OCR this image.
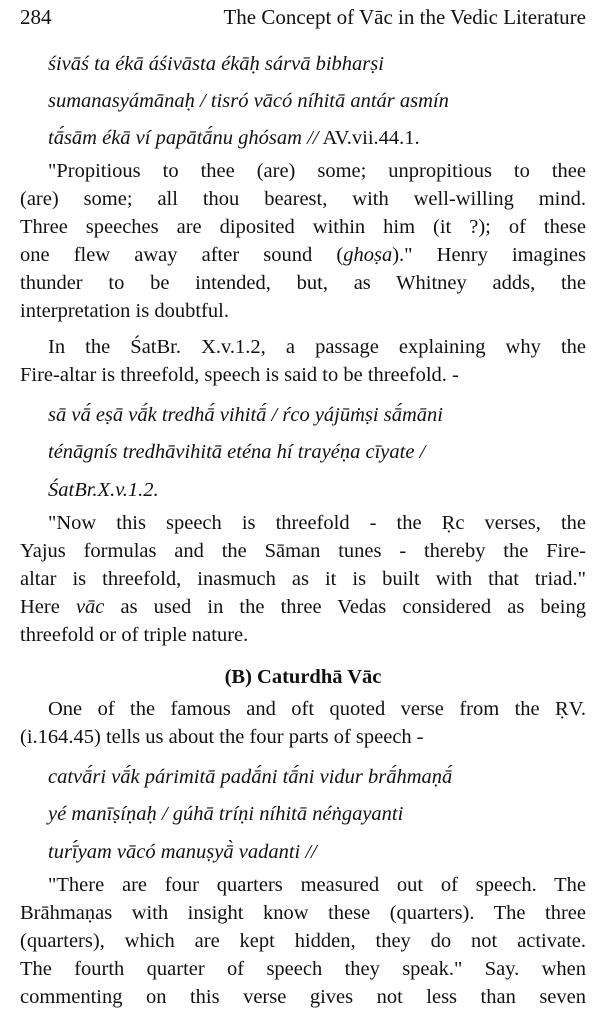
284	The Concept of Vāc in the Vedic Literature
śivāś ta ékā áśivāsta ékāḥ sárvā bibharṣi
sumanasyámānaḥ / tisró vācó níhitā antár asmín
tā́sām ékā ví papātā́nu ghósam // AV.vii.44.1.
"Propitious to thee (are) some; unpropitious to thee
(are) some; all thou bearest, with well-willing mind.
Three speeches are diposited within him (it ?); of these
one flew away after sound (ghoṣa)." Henry imagines
thunder to be intended, but, as Whitney adds, the
interpretation is doubtful.
In the ŚatBr. X.v.1.2, a passage explaining why the
Fire-altar is threefold, speech is said to be threefold. -
sā vā́ eṣā vā́k tredhā́ vihitā́ / ŕco yájūṁṣi sā́māni
ténāgnís tredhāvihitā eténa hí trayéṇa cīyate /
ŚatBr.X.v.1.2.
"Now this speech is threefold - the Ṛc verses, the
Yajus formulas and the Sāman tunes - thereby the Fire-
altar is threefold, inasmuch as it is built with that triad."
Here vāc as used in the three Vedas considered as being
threefold or of triple nature.
(B) Caturdhā Vāc
One of the famous and oft quoted verse from the ṚV.
(i.164.45) tells us about the four parts of speech -
catvā́ri vā́k párimitā padā́ni tā́ni vidur brā́hmaṇā́
yé manīṣíṇaḥ / gúhā tríṇi níhitā néṅgayanti
turī́yam vācó manuṣyā̀ vadanti //
"There are four quarters measured out of speech. The
Brāhmaṇas with insight know these (quarters). The three
(quarters), which are kept hidden, they do not activate.
The fourth quarter of speech they speak." Say. when
commenting on this verse gives not less than seven
